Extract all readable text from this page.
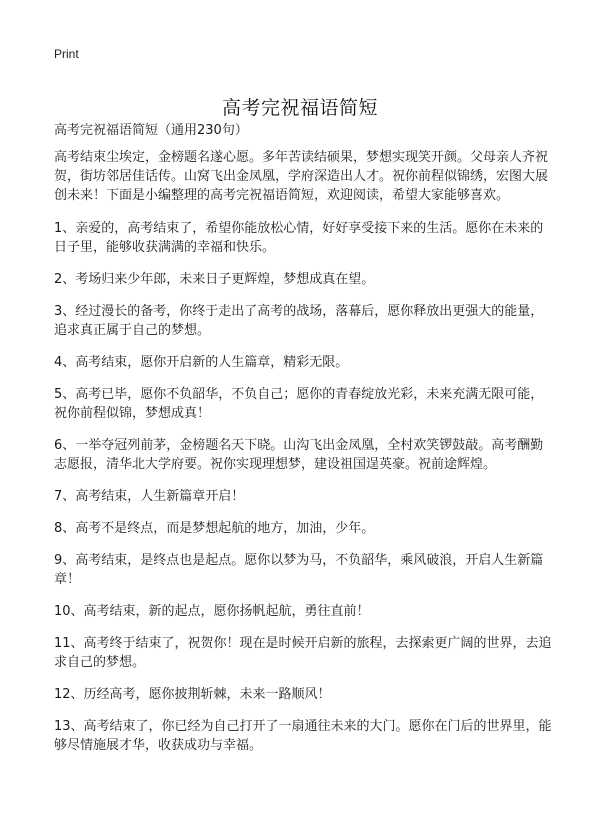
Print
高考完祝福语简短
高考完祝福语简短（通用230句）

高考结束尘埃定，金榜题名遂心愿。多年苦读结硕果，梦想实现笑开颜。父母亲人齐祝贺，街坊邻居佳话传。山窝飞出金凤凰，学府深造出人才。祝你前程似锦绣，宏图大展创未来！下面是小编整理的高考完祝福语简短，欢迎阅读，希望大家能够喜欢。

1、亲爱的，高考结束了，希望你能放松心情，好好享受接下来的生活。愿你在未来的日子里，能够收获满满的幸福和快乐。

2、考场归来少年郎，未来日子更辉煌，梦想成真在望。

3、经过漫长的备考，你终于走出了高考的战场，落幕后，愿你释放出更强大的能量，追求真正属于自己的梦想。

4、高考结束，愿你开启新的人生篇章，精彩无限。

5、高考已毕，愿你不负韶华，不负自己；愿你的青春绽放光彩，未来充满无限可能，祝你前程似锦，梦想成真！

6、一举夺冠列前茅，金榜题名天下晓。山沟飞出金凤凰，全村欢笑锣鼓敲。高考酬勤志愿报，清华北大学府要。祝你实现理想梦，建设祖国逞英豪。祝前途辉煌。

7、高考结束，人生新篇章开启！

8、高考不是终点，而是梦想起航的地方，加油，少年。

9、高考结束，是终点也是起点。愿你以梦为马，不负韶华，乘风破浪，开启人生新篇章！

10、高考结束，新的起点，愿你扬帆起航，勇往直前！

11、高考终于结束了，祝贺你！现在是时候开启新的旅程，去探索更广阔的世界，去追求自己的梦想。

12、历经高考，愿你披荆斩棘，未来一路顺风！

13、高考结束了，你已经为自己打开了一扇通往未来的大门。愿你在门后的世界里，能够尽情施展才华，收获成功与幸福。
